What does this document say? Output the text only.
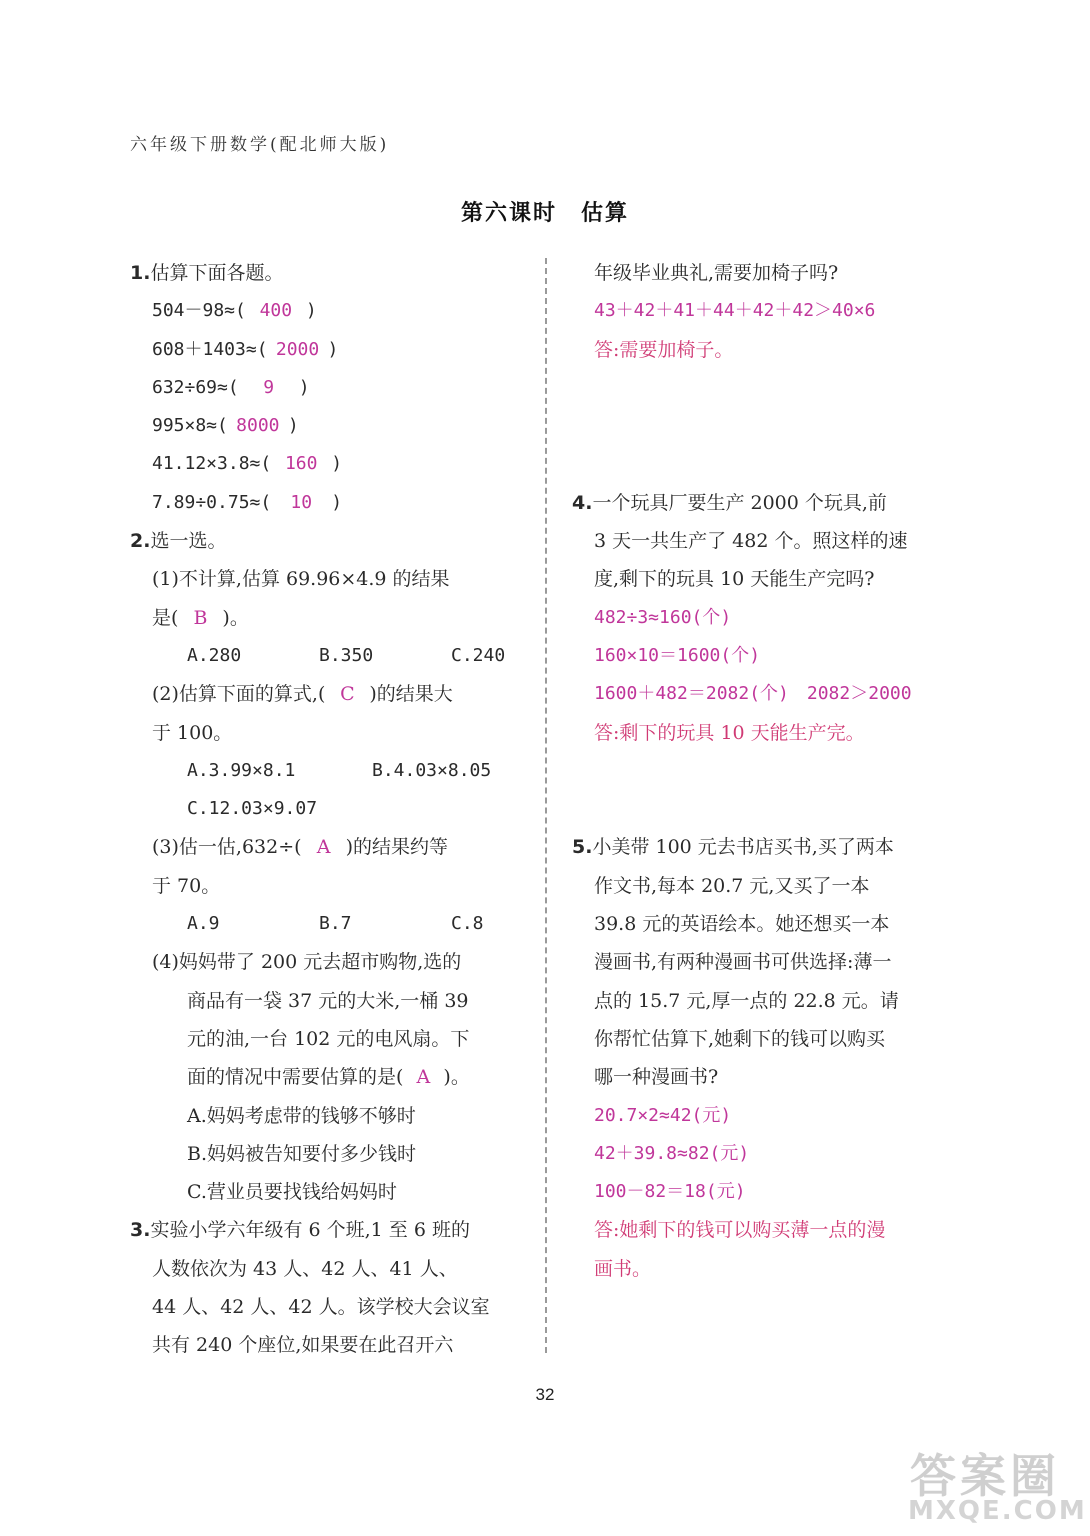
六年级下册数学(配北师大版)
第六课时　估算
1.估算下面各题。
504－98≈( 400 )
608＋1403≈( 2000 )
632÷69≈( 9 )
995×8≈( 8000 )
41.12×3.8≈( 160 )
7.89÷0.75≈( 10 )
2.选一选。
(1)不计算,估算 69.96×4.9 的结果
是( B )。
A.280	B.350	C.240
(2)估算下面的算式,( C )的结果大
于 100。
A.3.99×8.1	B.4.03×8.05
C.12.03×9.07
(3)估一估,632÷( A )的结果约等
于 70。
A.9	B.7	C.8
(4)妈妈带了 200 元去超市购物,选的
商品有一袋 37 元的大米,一桶 39
元的油,一台 102 元的电风扇。下
面的情况中需要估算的是( A )。
A.妈妈考虑带的钱够不够时
B.妈妈被告知要付多少钱时
C.营业员要找钱给妈妈时
3.实验小学六年级有 6 个班,1 至 6 班的
人数依次为 43 人、42 人、41 人、
44 人、42 人、42 人。该学校大会议室
共有 240 个座位,如果要在此召开六
年级毕业典礼,需要加椅子吗?
43＋42＋41＋44＋42＋42＞40×6
答:需要加椅子。
4.一个玩具厂要生产 2000 个玩具,前
3 天一共生产了 482 个。照这样的速
度,剩下的玩具 10 天能生产完吗?
482÷3≈160(个)
160×10＝1600(个)
1600＋482＝2082(个)　2082＞2000
答:剩下的玩具 10 天能生产完。
5.小美带 100 元去书店买书,买了两本
作文书,每本 20.7 元,又买了一本
39.8 元的英语绘本。她还想买一本
漫画书,有两种漫画书可供选择:薄一
点的 15.7 元,厚一点的 22.8 元。请
你帮忙估算下,她剩下的钱可以购买
哪一种漫画书?
20.7×2≈42(元)
42＋39.8≈82(元)
100－82＝18(元)
答:她剩下的钱可以购买薄一点的漫
画书。
32
答案圈
MXQE.COM
